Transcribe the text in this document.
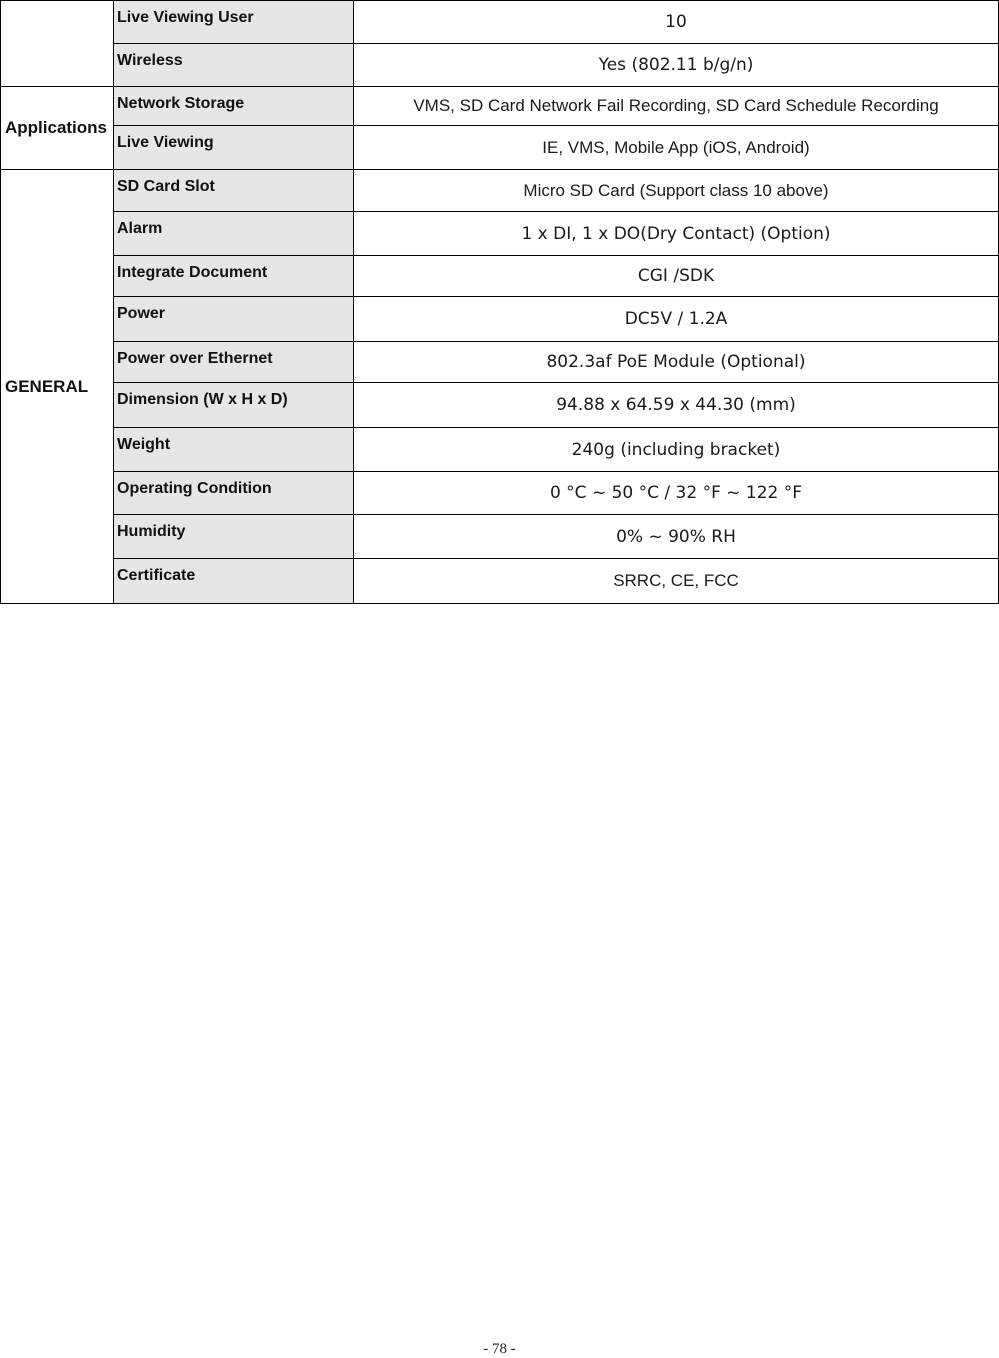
	Live Viewing User	10
	Wireless	Yes (802.11 b/g/n)
Applications	Network Storage	VMS, SD Card Network Fail Recording, SD Card Schedule Recording
	Live Viewing	IE, VMS, Mobile App (iOS, Android)
GENERAL	SD Card Slot	Micro SD Card (Support class 10 above)
	Alarm	1 x DI, 1 x DO(Dry Contact) (Option)
	Integrate Document	CGI /SDK
	Power	DC5V / 1.2A
	Power over Ethernet	802.3af PoE Module (Optional)
	Dimension (W x H x D)	94.88 x 64.59 x 44.30 (mm)
	Weight	240g (including bracket)
	Operating Condition	0 °C ~ 50 °C / 32 °F ~ 122 °F
	Humidity	0% ~ 90% RH
	Certificate	SRRC, CE, FCC
- 78 -
